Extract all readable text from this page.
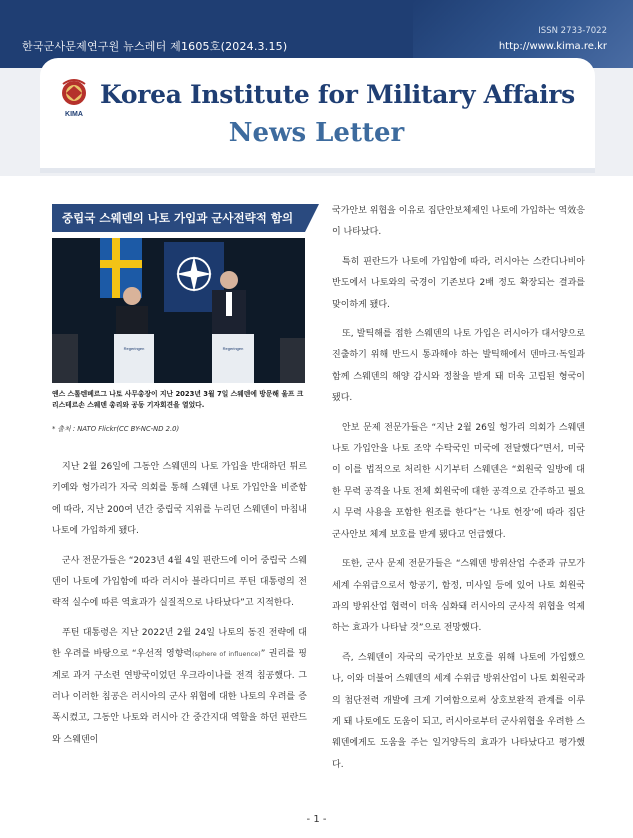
한국군사문제연구원 뉴스레터 제1605호(2024.3.15)
ISSN 2733-7022
http://www.kima.re.kr
KIMA
Korea Institute for Military Affairs
News Letter
중립국 스웨덴의 나토 가입과 군사전략적 함의
Regeringen	Regeringen
옌스 스톨텐베르그 나토 사무총장이 지난 2023년 3월 7일 스웨덴에 방문해 울프 크리스테르손 스웨덴 총리와 공동 기자회견을 열었다.
* 출처 : NATO Flickr(CC BY-NC-ND 2.0)

지난 2월 26일에 그동안 스웨덴의 나토 가입을 반대하던 튀르키예와 헝가리가 자국 의회를 통해 스웨덴 나토 가입안을 비준함에 따라, 지난 200여 년간 중립국 지위를 누리던 스웨덴이 마침내 나토에 가입하게 됐다.

군사 전문가들은 “2023년 4월 4일 핀란드에 이어 중립국 스웨덴이 나토에 가입함에 따라 러시아 블라디미르 푸틴 대통령의 전략적 실수에 따른 역효과가 실질적으로 나타났다”고 지적한다.

푸틴 대통령은 지난 2022년 2월 24일 나토의 동진 전략에 대한 우려를 바탕으로 “우선적 영향력(sphere of influence)” 권리를 핑계로 과거 구소련 연방국이었던 우크라이나를 전격 침공했다. 그러나 이러한 침공은 러시아의 군사 위협에 대한 나토의 우려를 증폭시켰고, 그동안 나토와 러시아 간 중간지대 역할을 하던 핀란드와 스웨덴이

국가안보 위협을 이유로 집단안보체제인 나토에 가입하는 역效응이 나타났다.

특히 핀란드가 나토에 가입함에 따라, 러시아는 스칸디나비아반도에서 나토와의 국경이 기존보다 2배 정도 확장되는 결과를 맞이하게 됐다.

또, 발틱해를 접한 스웨덴의 나토 가입은 러시아가 대서양으로 진출하기 위해 반드시 통과해야 하는 발틱해에서 덴마크·독일과 함께 스웨덴의 해양 감시와 정찰을 받게 돼 더욱 고립된 형국이 됐다.

안보 문제 전문가들은 “지난 2월 26일 헝가리 의회가 스웨덴 나토 가입안을 나토 조약 수탁국인 미국에 전달했다”면서, 미국이 이를 법적으로 처리한 시기부터 스웨덴은 “회원국 일방에 대한 무력 공격을 나토 전체 회원국에 대한 공격으로 간주하고 필요시 무력 사용을 포함한 원조를 한다”는 ‘나토 헌장’에 따라 집단 군사안보 체계 보호를 받게 됐다고 언급했다.

또한, 군사 문제 전문가들은 “스웨덴 방위산업 수준과 규모가 세계 수위급으로서 항공기, 함정, 미사일 등에 있어 나토 회원국과의 방위산업 협력이 더욱 심화돼 러시아의 군사적 위협을 억제하는 효과가 나타날 것”으로 전망했다.

즉, 스웨덴이 자국의 국가안보 보호를 위해 나토에 가입했으나, 이와 더불어 스웨덴의 세계 수위급 방위산업이 나토 회원국과의 첨단전력 개발에 크게 기여함으로써 상호보완적 관계를 이루게 돼 나토에도 도움이 되고, 러시아로부터 군사위협을 우려한 스웨덴에게도 도움을 주는 일거양득의 효과가 나타났다고 평가했다.

- 1 -
